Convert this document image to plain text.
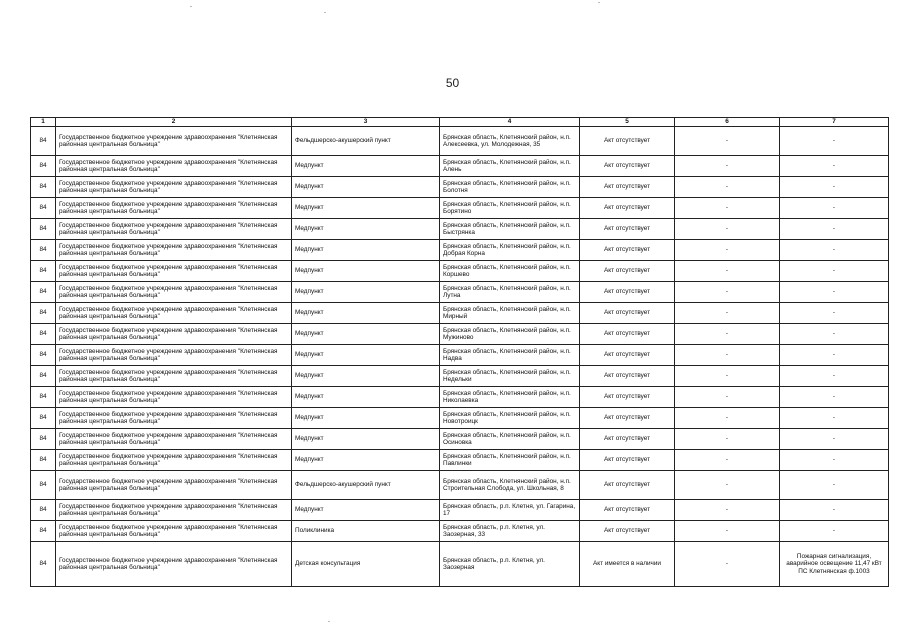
50
1	2	3	4	5	6	7
84	Государственное бюджетное учреждение здравоохранения "Клетнянская районная центральная больница"	Фельдшерско-акушерский пункт	Брянская область, Клетнянский район, н.п. Алексеевка, ул. Молодежная, 35	Акт отсутствует	-	-
84	Государственное бюджетное учреждение здравоохранения "Клетнянская районная центральная больница"	Медпункт	Брянская область, Клетнянский район, н.п. Алень	Акт отсутствует	-	-
84	Государственное бюджетное учреждение здравоохранения "Клетнянская районная центральная больница"	Медпункт	Брянская область, Клетнянский район, н.п. Болотня	Акт отсутствует	-	-
84	Государственное бюджетное учреждение здравоохранения "Клетнянская районная центральная больница"	Медпункт	Брянская область, Клетнянский район, н.п. Борятино	Акт отсутствует	-	-
84	Государственное бюджетное учреждение здравоохранения "Клетнянская районная центральная больница"	Медпункт	Брянская область, Клетнянский район, н.п. Быстрянка	Акт отсутствует	-	-
84	Государственное бюджетное учреждение здравоохранения "Клетнянская районная центральная больница"	Медпункт	Брянская область, Клетнянский район, н.п. Добрая Корна	Акт отсутствует	-	-
84	Государственное бюджетное учреждение здравоохранения "Клетнянская районная центральная больница"	Медпункт	Брянская область, Клетнянский район, н.п. Коршево	Акт отсутствует	-	-
84	Государственное бюджетное учреждение здравоохранения "Клетнянская районная центральная больница"	Медпункт	Брянская область, Клетнянский район, н.п. Лутна	Акт отсутствует	-	-
84	Государственное бюджетное учреждение здравоохранения "Клетнянская районная центральная больница"	Медпункт	Брянская область, Клетнянский район, н.п. Мирный	Акт отсутствует	-	-
84	Государственное бюджетное учреждение здравоохранения "Клетнянская районная центральная больница"	Медпункт	Брянская область, Клетнянский район, н.п. Мужиново	Акт отсутствует	-	-
84	Государственное бюджетное учреждение здравоохранения "Клетнянская районная центральная больница"	Медпункт	Брянская область, Клетнянский район, н.п. Надва	Акт отсутствует	-	-
84	Государственное бюджетное учреждение здравоохранения "Клетнянская районная центральная больница"	Медпункт	Брянская область, Клетнянский район, н.п. Недельки	Акт отсутствует	-	-
84	Государственное бюджетное учреждение здравоохранения "Клетнянская районная центральная больница"	Медпункт	Брянская область, Клетнянский район, н.п. Николаевка	Акт отсутствует	-	-
84	Государственное бюджетное учреждение здравоохранения "Клетнянская районная центральная больница"	Медпункт	Брянская область, Клетнянский район, н.п. Новотроицк	Акт отсутствует	-	-
84	Государственное бюджетное учреждение здравоохранения "Клетнянская районная центральная больница"	Медпункт	Брянская область, Клетнянский район, н.п. Осиновка	Акт отсутствует	-	-
84	Государственное бюджетное учреждение здравоохранения "Клетнянская районная центральная больница"	Медпункт	Брянская область, Клетнянский район, н.п. Павлинки	Акт отсутствует	-	-
84	Государственное бюджетное учреждение здравоохранения "Клетнянская районная центральная больница"	Фельдшерско-акушерский пункт	Брянская область, Клетнянский район, н.п. Строительная Слобода, ул. Школьная, 8	Акт отсутствует	-	-
84	Государственное бюджетное учреждение здравоохранения "Клетнянская районная центральная больница"	Медпункт	Брянская область, р.п. Клетня, ул. Гагарина, 17	Акт отсутствует	-	-
84	Государственное бюджетное учреждение здравоохранения "Клетнянская районная центральная больница"	Поликлиника	Брянская область, р.п. Клетня, ул. Заозерная, 33	Акт отсутствует	-	-
84	Государственное бюджетное учреждение здравоохранения "Клетнянская районная центральная больница"	Детская консультация	Брянская область, р.п. Клетня, ул. Заозерная	Акт имеется в наличии	-	Пожарная сигнализация, аварийное освещение 11,47 кВт ПС Клетнянская ф.1003
